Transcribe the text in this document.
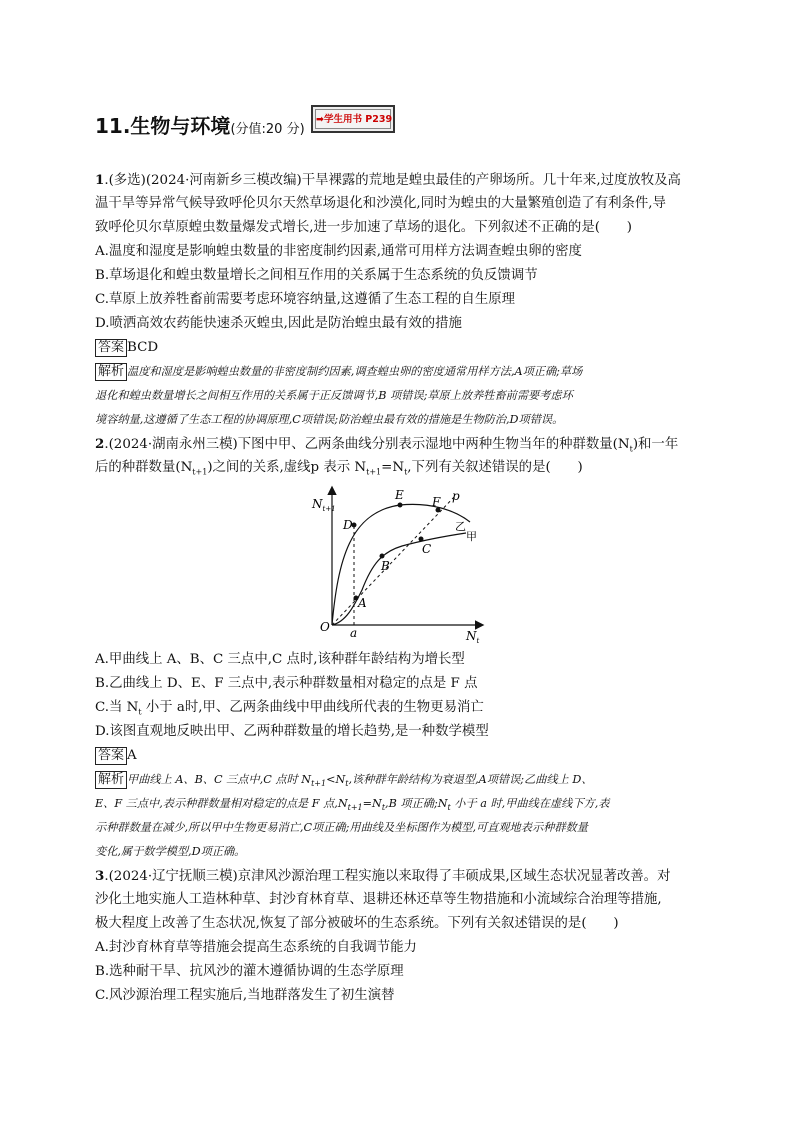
11.生物与环境(分值:20 分)
➡学生用书 P239
1.(多选)(2024·河南新乡三模改编)干旱裸露的荒地是蝗虫最佳的产卵场所。几十年来,过度放牧及高
温干旱等异常气候导致呼伦贝尔天然草场退化和沙漠化,同时为蝗虫的大量繁殖创造了有利条件,导
致呼伦贝尔草原蝗虫数量爆发式增长,进一步加速了草场的退化。下列叙述不正确的是(　　)
A.温度和湿度是影响蝗虫数量的非密度制约因素,通常可用样方法调查蝗虫卵的密度
B.草场退化和蝗虫数量增长之间相互作用的关系属于生态系统的负反馈调节
C.草原上放养牲畜前需要考虑环境容纳量,这遵循了生态工程的自生原理
D.喷洒高效农药能快速杀灭蝗虫,因此是防治蝗虫最有效的措施
答案 BCD
解析 温度和湿度是影响蝗虫数量的非密度制约因素,调查蝗虫卵的密度通常用样方法,A项正确;草场
退化和蝗虫数量增长之间相互作用的关系属于正反馈调节,B 项错误;草原上放养牲畜前需要考虑环
境容纳量,这遵循了生态工程的协调原理,C项错误;防治蝗虫最有效的措施是生物防治,D项错误。
2.(2024·湖南永州三模)下图中甲、乙两条曲线分别表示湿地中两种生物当年的种群数量$(N_t)$和一年
后的种群数量$(N_{t+1})$之间的关系,虚线p 表示 $N_{t+1}=N_t$,下列有关叙述错误的是(　　)
$N_{t+1}$
$N_t$
O a
A
B
C
D
E F p
乙
甲
A.甲曲线上 A、B、C 三点中,C 点时,该种群年龄结构为增长型
B.乙曲线上 D、E、F 三点中,表示种群数量相对稳定的点是 F 点
C.当 $N_t$ 小于 a时,甲、乙两条曲线中甲曲线所代表的生物更易消亡
D.该图直观地反映出甲、乙两种群数量的增长趋势,是一种数学模型
答案 A
解析 甲曲线上 A、B、C 三点中,C 点时 $N_{t+1}<N_t$,该种群年龄结构为衰退型,A项错误;乙曲线上 D、
E、F 三点中,表示种群数量相对稳定的点是 F 点$,N_{t+1}=N_t,B$ 项正确$;N_t$ 小于 a 时,甲曲线在虚线下方,表
示种群数量在减少,所以甲中生物更易消亡,C项正确;用曲线及坐标图作为模型,可直观地表示种群数量
变化,属于数学模型,D项正确。
3.(2024·辽宁抚顺三模)京津风沙源治理工程实施以来取得了丰硕成果,区域生态状况显著改善。对
沙化土地实施人工造林种草、封沙育林育草、退耕还林还草等生物措施和小流域综合治理等措施,
极大程度上改善了生态状况,恢复了部分被破坏的生态系统。下列有关叙述错误的是(　　)
A.封沙育林育草等措施会提高生态系统的自我调节能力
B.选种耐干旱、抗风沙的灌木遵循协调的生态学原理
C.风沙源治理工程实施后,当地群落发生了初生演替
